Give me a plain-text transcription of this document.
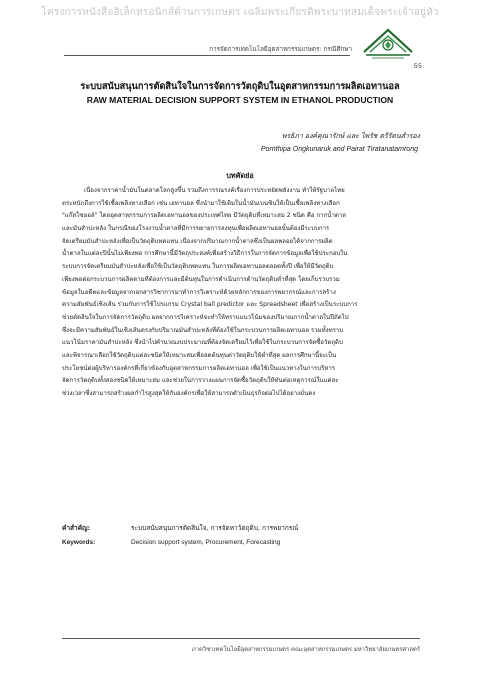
โครงการหนังสืออิเล็กทรอนิกส์ด้านการเกษตร เฉลิมพระเกียรติพระบาทสมเด็จพระเจ้าอยู่หัว
การจัดการเทคโนโลยีอุตสาหกรรมเกษตร: กรณีศึกษา
55
ระบบสนับสนุนการตัดสินใจในการจัดการวัตถุดิบในอุตสาหกรรมการผลิตเอทานอล
RAW MATERIAL DECISION SUPPORT SYSTEM IN ETHANOL PRODUCTION
พรธิภา องค์คุณารักษ์ และ ไพรัช ตรีรัตนสำรอง
Pornthipa Ongkunaruk and Pairat Tiratanatamrong
บทคัดย่อ
เนื่องจากราคาน้ำมันในตลาดโลกสูงขึ้น รวมถึงการรณรงค์เรื่องการประหยัดพลังงาน ทำให้รัฐบาลไทย
ตระหนักถึงการใช้เชื้อเพลิงทางเลือก เช่น เอทานอล ซึ่งนำมาใช้เติมในน้ำมันเบนซินให้เป็นเชื้อเพลิงทางเลือก
"แก๊สโซฮอล์" โดยอุตสาหกรรมการผลิตเอทานอลของประเทศไทย มีวัตถุดิบที่เหมาะสม 2 ชนิด คือ กากน้ำตาล
และมันสำปะหลัง ในกรณีของโรงงานน้ำตาลที่มีการขยายการลงทุนเพื่อผลิตเอทานอลนั้นต้องมีระบบการ
จัดเตรียมมันสำปะหลังเพื่อเป็นวัตถุดิบทดแทน เนื่องจากปริมาณกากน้ำตาลซึ่งเป็นผลพลอยได้จากการผลิต
น้ำตาลในแต่ละปีนั้นไม่เพียงพอ การศึกษานี้มีวัตถุประสงค์เพื่อสร้างวิธีการในการจัดการข้อมูลเพื่อใช้ประกอบใน
ระบบการจัดเตรียมมันสำปะหลังเพื่อใช้เป็นวัตถุดิบทดแทน ในการผลิตเอทานอลตลอดทั้งปี เพื่อให้มีวัตถุดิบ
เพียงพอต่อกระบวนการผลิตตามที่ต้องการและมีต้นทุนในการดำเนินการด้านวัตถุดิบต่ำที่สุด โดยเก็บรวบรวม
ข้อมูลในอดีตและข้อมูลจากเอกสารวิชาการมาทำการวิเคราะห์ด้วยหลักการของการพยากรณ์และการสร้าง
ความสัมพันธ์เชิงเส้น ร่วมกับการใช้โปรแกรม Crystal ball predictor และ Spreadsheet เพื่อสร้างเป็นระบบการ
ช่วยตัดสินใจในการจัดการวัตถุดิบ ผลจากการวิเคราะห์จะทำให้ทราบแนวโน้มของปริมาณกากน้ำตาลในปีถัดไป
ซึ่งจะมีความสัมพันธ์ในเชิงเส้นตรงกับปริมาณมันสำปะหลังที่ต้องใช้ในกระบวนการผลิตเอทานอล รวมทั้งทราบ
แนวโน้มราคามันสำปะหลัง ซึ่งนำไปคำนวณงบประมาณที่ต้องจัดเตรียมไว้เพื่อใช้ในกระบวนการจัดซื้อวัตถุดิบ
และพิจารณาเลือกใช้วัตถุดิบแต่ละชนิดให้เหมาะสมเพื่อลดต้นทุนค่าวัตถุดิบให้ต่ำที่สุด ผลการศึกษานี้จะเป็น
ประโยชน์ต่อผู้บริหารองค์กรที่เกี่ยวข้องกับอุตสาหกรรมการผลิตเอทานอล เพื่อใช้เป็นแนวทางในการบริหาร
จัดการวัตถุดิบทั้งสองชนิดให้เหมาะสม และช่วยในการวางแผนการจัดซื้อวัตถุดิบให้ทันต่อเหตุการณ์ในแต่ละ
ช่วงเวลาซึ่งสามารถสร้างผลกำไรสูงสุดให้กับองค์กรเพื่อให้สามารถดำเนินธุรกิจต่อไปได้อย่างมั่นคง
คำสำคัญ:	ระบบสนับสนุนการตัดสินใจ, การจัดหาวัตถุดิบ, การพยากรณ์
Keywords:	Decision support system, Procurement, Forecasting
ภาควิชาเทคโนโลยีอุตสาหกรรมเกษตร คณะอุตสาหกรรมเกษตร มหาวิทยาลัยเกษตรศาสตร์
